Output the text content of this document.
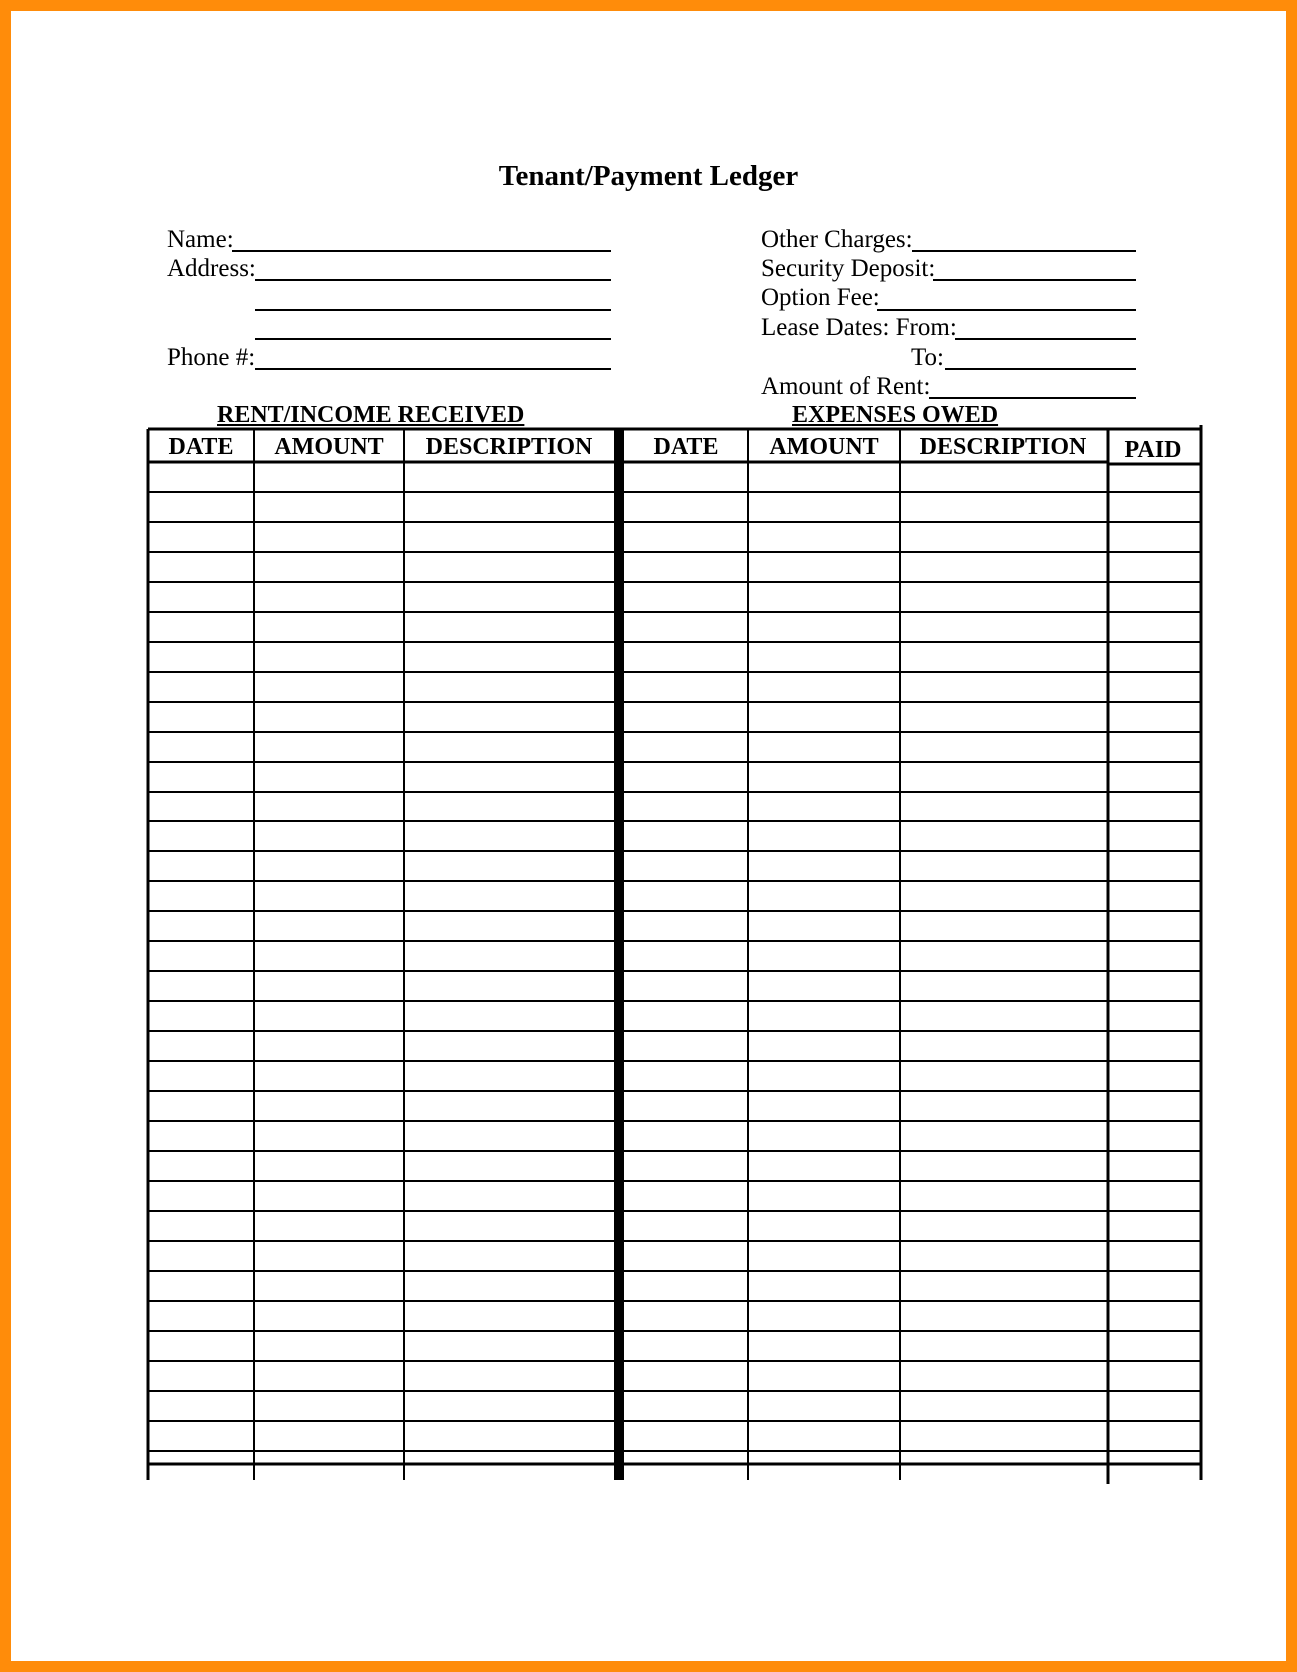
Tenant/Payment Ledger
Name:
Address:
Phone #:
Other Charges:
Security Deposit:
Option Fee:
Lease Dates: From:
To:
Amount of Rent:
RENT/INCOME RECEIVED	EXPENSES OWED
DATE	AMOUNT	DESCRIPTION	DATE	AMOUNT	DESCRIPTION	PAID
